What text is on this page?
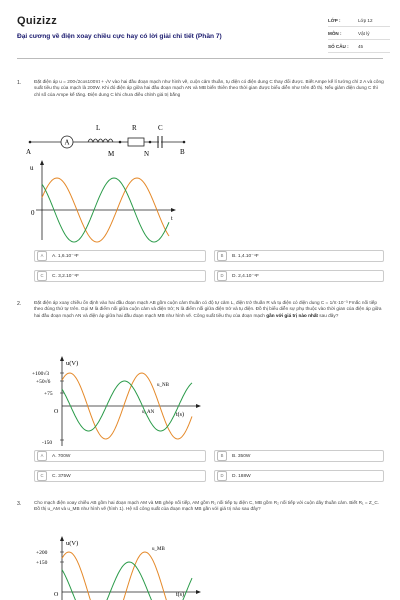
Quizizz
Đại cương về điện xoay chiều cực hay có lời giải chi tiết (Phần 7)
LỚP :	Lớp 12
MÔN :	Vật lý
SỐ CÂU :	45
1.	Đặt điện áp u = 200√2cos100πt + √V vào hai đầu đoạn mạch như hình vẽ, cuộn cảm thuần, tụ điện có điện dung C thay đổi được. Biết Ampe kế lí tưởng chỉ 2 A và công suất tiêu thụ của mạch là 200W. Khi đó điện áp giữa hai đầu đoạn mạch AN và MB biến thiên theo thời gian được biểu diễn như trên đồ thị. Nếu giảm điện dung C thì chỉ số của Ampe kế tăng. Điện dung C khi chưa điều chỉnh giá trị bằng
A
L	R	C
A	M	N	B
u
0
t
A	A. 1,6.10⁻⁴F	B	B. 1,4.10⁻⁴F
C	C. 3,2.10⁻⁴F	D	D. 2,4.10⁻⁴F
2.	Đặt điện áp xoay chiều ổn định vào hai đầu đoạn mạch AB gồm cuộn cảm thuần có độ tự cảm L, điện trở thuần R và tụ điện có điện dung C = 1/π·10⁻³ Fmắc nối tiếp theo đúng thứ tự trên. Gọi M là điểm nối giữa cuộn cảm và điện trở; N là điểm nối giữa điện trở và tụ điện. Đồ thị biểu diễn sự phụ thuộc vào thời gian của điện áp giữa hai đầu đoạn mạch AN và điện áp giữa hai đầu đoạn mạch MB như hình vẽ. Công suất tiêu thụ của đoạn mạch gần với giá trị nào nhất sau đây?
u(V)
+100√3
+50√6
+75
-150
O	t(s)
u_NB
u_AN
A	A. 700W	B	B. 350W
C	C. 375W	D	D. 188W
3.	Cho mạch điện xoay chiều AB gồm hai đoạn mạch AM và MB ghép nối tiếp, AM gồm R₁ nối tiếp tụ điện C, MB gồm R₂ nối tiếp với cuộn dây thuần cảm. Biết R₁ = Z_C. Đồ thị u_AM và u_MB như hình vẽ (hình 1). Hệ số công suất của đoạn mạch MB gần với giá trị nào sau đây?
u(V)
+200
+150
O	t(s)
u_MB
